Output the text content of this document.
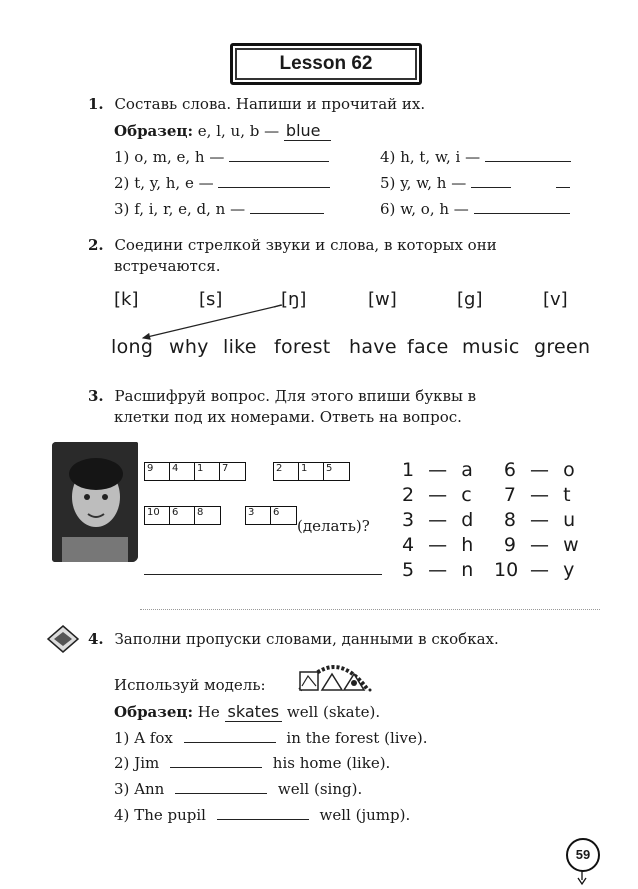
Lesson 62
1. Составь слова. Напиши и прочитай их.
Образец: e, l, u, b — blue
1) o, m, e, h —
2) t, y, h, e —
3) f, i, r, e, d, n —
4) h, t, w, i —
5) y, w, h —
6) w, o, h —
2. Соедини стрелкой звуки и слова, в которых они
встречаются.
[k]	[s]	[ŋ]	[w]	[g]	[v]
long why like forest have face music green
3. Расшифруй вопрос. Для этого впиши буквы в
клетки под их номерами. Ответь на вопрос.
9	4	1	7	2	1	5
10	6	8	3	6
(делать)?
1 — a
2 — c
3 — d
4 — h
5 — n
6 — o
7 — t
8 — u
9 — w
10 — y
4. Заполни пропуски словами, данными в скобках.
Используй модель:
Образец: He skates well (skate).
1) A fox	in the forest (live).
2) Jim	his home (like).
3) Ann	well (sing).
4) The pupil	well (jump).
59
